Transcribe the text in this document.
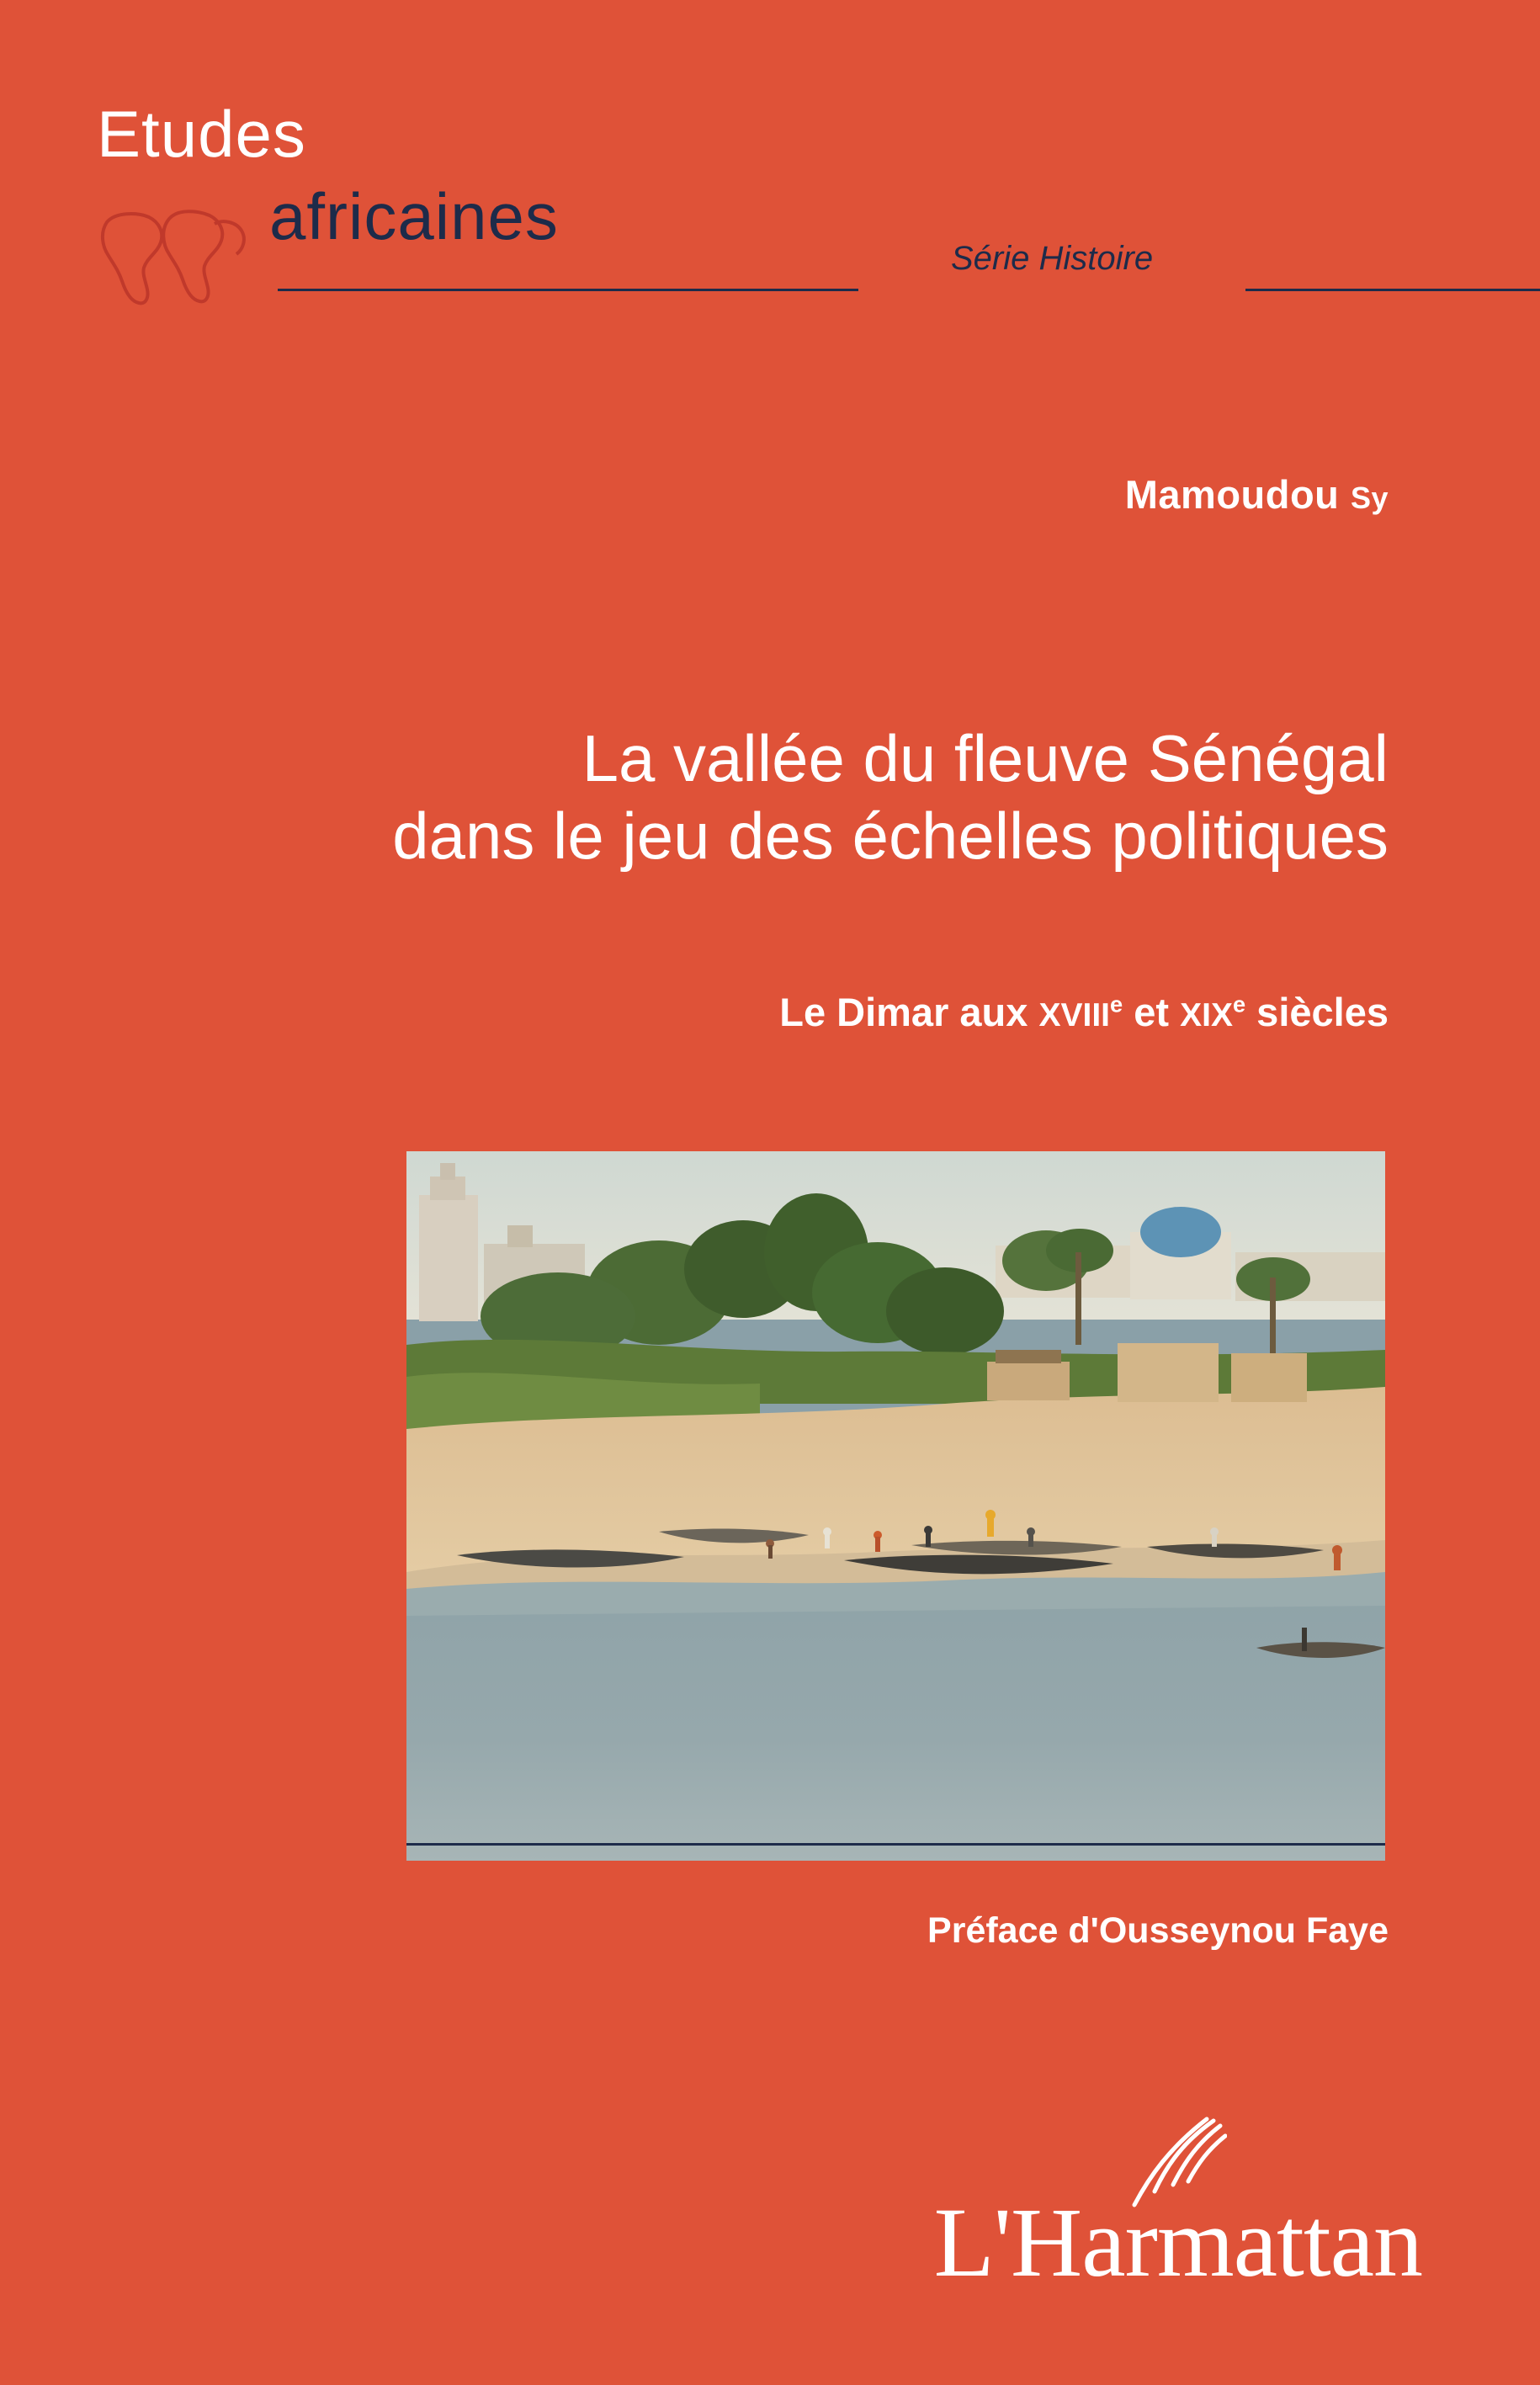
Etudes
africaines
Série Histoire
Mamoudou Sy
La vallée du fleuve Sénégal
dans le jeu des échelles politiques
Le Dimar aux XVIIIe et XIXe siècles
Préface d'Ousseynou Faye
L'Harmattan
